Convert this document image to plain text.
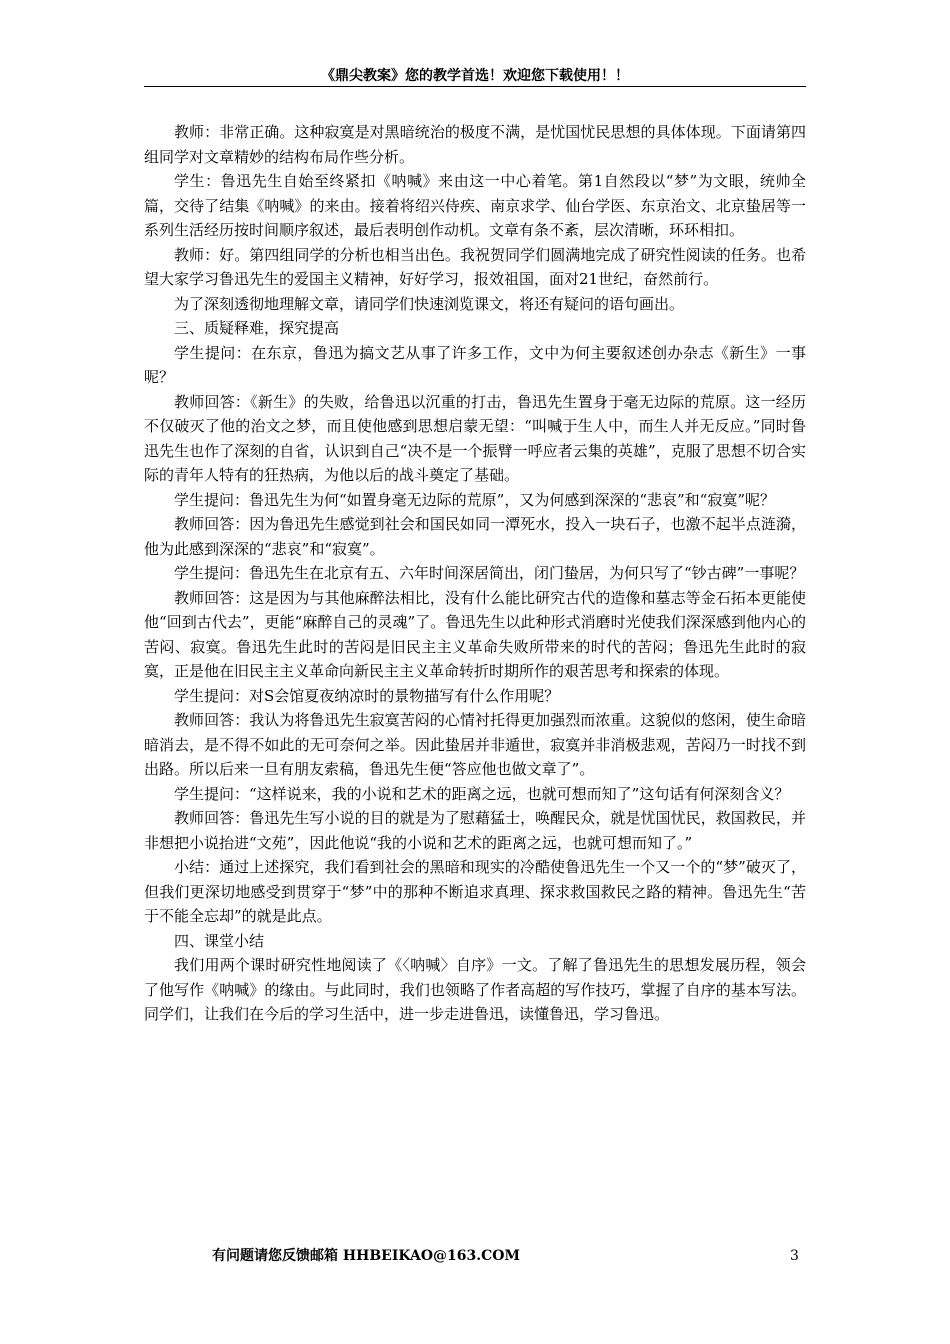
《鼎尖教案》您的教学首选！欢迎您下载使用！！

教师：非常正确。这种寂寞是对黑暗统治的极度不满，是忧国忧民思想的具体体现。下面请第四组同学对文章精妙的结构布局作些分析。

学生：鲁迅先生自始至终紧扣《呐喊》来由这一中心着笔。第1自然段以“梦”为文眼，统帅全篇，交待了结集《呐喊》的来由。接着将绍兴侍疾、南京求学、仙台学医、东京治文、北京蛰居等一系列生活经历按时间顺序叙述，最后表明创作动机。文章有条不紊，层次清晰，环环相扣。

教师：好。第四组同学的分析也相当出色。我祝贺同学们圆满地完成了研究性阅读的任务。也希望大家学习鲁迅先生的爱国主义精神，好好学习，报效祖国，面对21世纪，奋然前行。

为了深刻透彻地理解文章，请同学们快速浏览课文，将还有疑问的语句画出。

三、质疑释难，探究提高

学生提问：在东京，鲁迅为搞文艺从事了许多工作，文中为何主要叙述创办杂志《新生》一事呢？

教师回答：《新生》的失败，给鲁迅以沉重的打击，鲁迅先生置身于毫无边际的荒原。这一经历不仅破灭了他的治文之梦，而且使他感到思想启蒙无望：“叫喊于生人中，而生人并无反应。”同时鲁迅先生也作了深刻的自省，认识到自己“决不是一个振臂一呼应者云集的英雄”，克服了思想不切合实际的青年人特有的狂热病，为他以后的战斗奠定了基础。

学生提问：鲁迅先生为何“如置身毫无边际的荒原”，又为何感到深深的“悲哀”和“寂寞”呢？

教师回答：因为鲁迅先生感觉到社会和国民如同一潭死水，投入一块石子，也激不起半点涟漪，他为此感到深深的“悲哀”和“寂寞”。

学生提问：鲁迅先生在北京有五、六年时间深居简出，闭门蛰居，为何只写了“钞古碑”一事呢？

教师回答：这是因为与其他麻醉法相比，没有什么能比研究古代的造像和墓志等金石拓本更能使他“回到古代去”，更能“麻醉自己的灵魂”了。鲁迅先生以此种形式消磨时光使我们深深感到他内心的苦闷、寂寞。鲁迅先生此时的苦闷是旧民主主义革命失败所带来的时代的苦闷；鲁迅先生此时的寂寞，正是他在旧民主主义革命向新民主主义革命转折时期所作的艰苦思考和探索的体现。

学生提问：对S会馆夏夜纳凉时的景物描写有什么作用呢？

教师回答：我认为将鲁迅先生寂寞苦闷的心情衬托得更加强烈而浓重。这貌似的悠闲，使生命暗暗消去，是不得不如此的无可奈何之举。因此蛰居并非遁世，寂寞并非消极悲观，苦闷乃一时找不到出路。所以后来一旦有朋友索稿，鲁迅先生便“答应他也做文章了”。

学生提问：“这样说来，我的小说和艺术的距离之远，也就可想而知了”这句话有何深刻含义？

教师回答：鲁迅先生写小说的目的就是为了慰藉猛士，唤醒民众，就是忧国忧民，救国救民，并非想把小说抬进“文苑”，因此他说“我的小说和艺术的距离之远，也就可想而知了。”

小结：通过上述探究，我们看到社会的黑暗和现实的冷酷使鲁迅先生一个又一个的“梦”破灭了，但我们更深切地感受到贯穿于“梦”中的那种不断追求真理、探求救国救民之路的精神。鲁迅先生“苦于不能全忘却”的就是此点。

四、课堂小结

我们用两个课时研究性地阅读了《〈呐喊〉自序》一文。了解了鲁迅先生的思想发展历程，领会了他写作《呐喊》的缘由。与此同时，我们也领略了作者高超的写作技巧，掌握了自序的基本写法。同学们，让我们在今后的学习生活中，进一步走进鲁迅，读懂鲁迅，学习鲁迅。

有问题请您反馈邮箱 HHBEIKAO@163.COM	3
